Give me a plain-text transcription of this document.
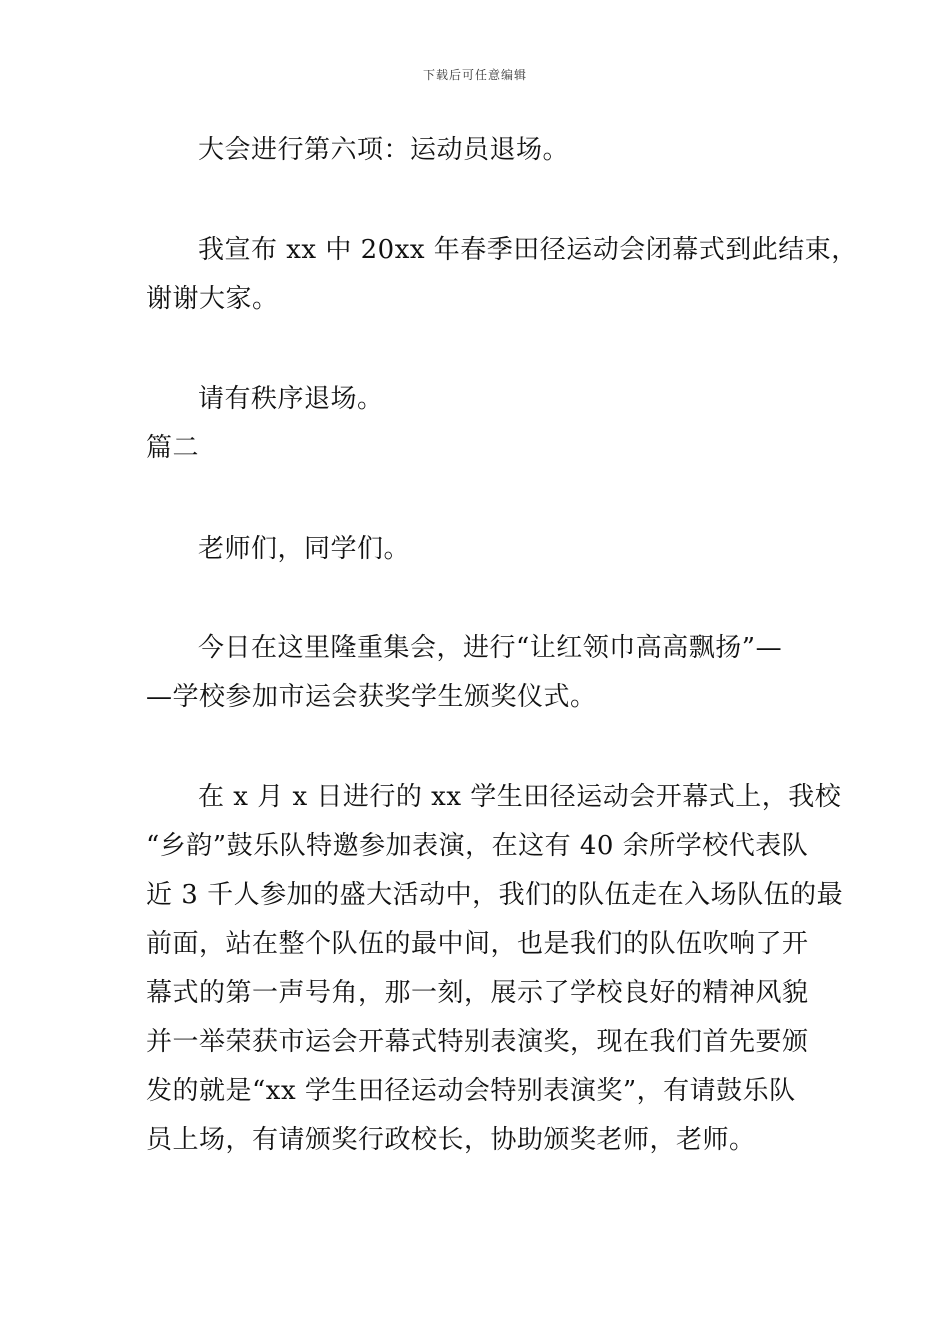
下载后可任意编辑
大会进行第六项：运动员退场。
我宣布 xx 中 20xx 年春季田径运动会闭幕式到此结束，
谢谢大家。
请有秩序退场。
篇二
老师们，同学们。
今日在这里隆重集会，进行“让红领巾高高飘扬”—
—学校参加市运会获奖学生颁奖仪式。
在 x 月 x 日进行的 xx 学生田径运动会开幕式上，我校
“乡韵”鼓乐队特邀参加表演，在这有 40 余所学校代表队
近 3 千人参加的盛大活动中，我们的队伍走在入场队伍的最
前面，站在整个队伍的最中间，也是我们的队伍吹响了开
幕式的第一声号角，那一刻，展示了学校良好的精神风貌
并一举荣获市运会开幕式特别表演奖，现在我们首先要颁
发的就是“xx 学生田径运动会特别表演奖”，有请鼓乐队
员上场，有请颁奖行政校长，协助颁奖老师，老师。
